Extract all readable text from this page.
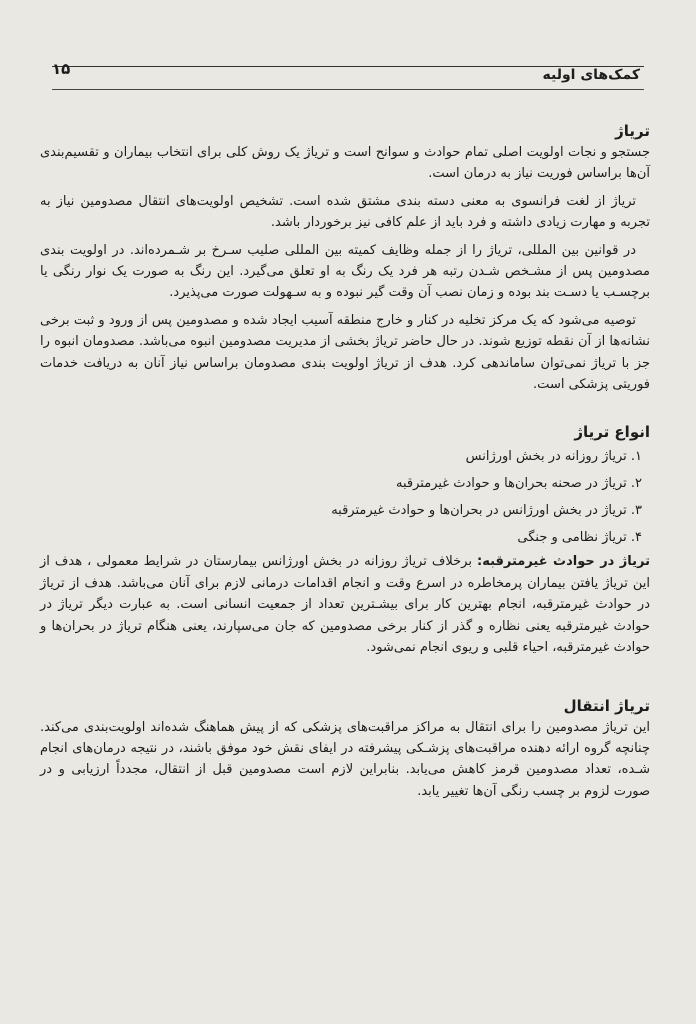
۱۵	کمک‌های اولیه
تریاژ

جستجو و نجات اولویت اصلی تمام حوادث و سوانح است و تریاژ یک روش کلی برای انتخاب بیماران و تقسیم‌بندی آن‌ها براساس فوریت نیاز به درمان است.

تریاژ از لغت فرانسوی به معنی دسته بندی مشتق شده است. تشخیص اولویت‌های انتقال مصدومین نیاز به تجربه و مهارت زیادی داشته و فرد باید از علم کافی نیز برخوردار باشد.

در قوانین بین المللی، تریاژ را از جمله وظایف کمیته بین المللی صلیب سـرخ بر شـمرده‌اند. در اولویت بندی مصدومین پس از مشـخص شـدن رتبه هر فرد یک رنگ به او تعلق می‌گیرد. این رنگ به صورت یک نوار رنگی یا برچسـب یا دسـت بند بوده و زمان نصب آن وقت گیر نبوده و به سـهولت صورت می‌پذیرد.

توصیه می‌شود که یک مرکز تخلیه در کنار و خارج منطقه آسیب ایجاد شده و مصدومین پس از ورود و ثبت برخی نشانه‌ها از آن نقطه توزیع شوند. در حال حاضر تریاژ بخشی از مدیریت مصدومین انبوه می‌باشد. مصدومان انبوه را جز با تریاژ نمی‌توان ساماندهی کرد. هدف از تریاژ اولویت بندی مصدومان براساس نیاز آنان به دریافت خدمات فوریتی پزشکی است.

انواع تریاژ
۱. تریاژ روزانه در بخش اورژانس
۲. تریاژ در صحنه بحران‌ها و حوادث غیرمترقبه
۳. تریاژ در بخش اورژانس در بحران‌ها و حوادث غیرمترقبه
۴. تریاژ نظامی و جنگی

تریاژ در حوادث غیرمترقبه: برخلاف تریاژ روزانه در بخش اورژانس بیمارستان در شرایط معمولی ، هدف از این تریاژ یافتن بیماران پرمخاطره در اسرع وقت و انجام اقدامات درمانی لازم برای آنان می‌باشد. هدف از تریاژ در حوادث غیرمترقبه، انجام بهترین کار برای بیشـترین تعداد از جمعیت انسانی است. به عبارت دیگر تریاژ در حوادث غیرمترقبه یعنی نظاره و گذر از کنار برخی مصدومین که جان می‌سپارند، یعنی هنگام تریاژ در بحران‌ها و حوادث غیرمترقبه، احیاء قلبی و ریوی انجام نمی‌شود.

تریاژ انتقال

این تریاژ مصدومین را برای انتقال به مراکز مراقبت‌های پزشکی که از پیش هماهنگ شده‌اند اولویت‌بندی می‌کند. چنانچه گروه ارائه دهنده مراقبت‌های پزشـکی پیشرفته در ایفای نقش خود موفق باشند، در نتیجه درمان‌های انجام شـده، تعداد مصدومین قرمز کاهش می‌یابد. بنابراین لازم است مصدومین قبل از انتقال، مجدداً ارزیابی و در صورت لزوم بر چسب رنگی آن‌ها تغییر یابد.
